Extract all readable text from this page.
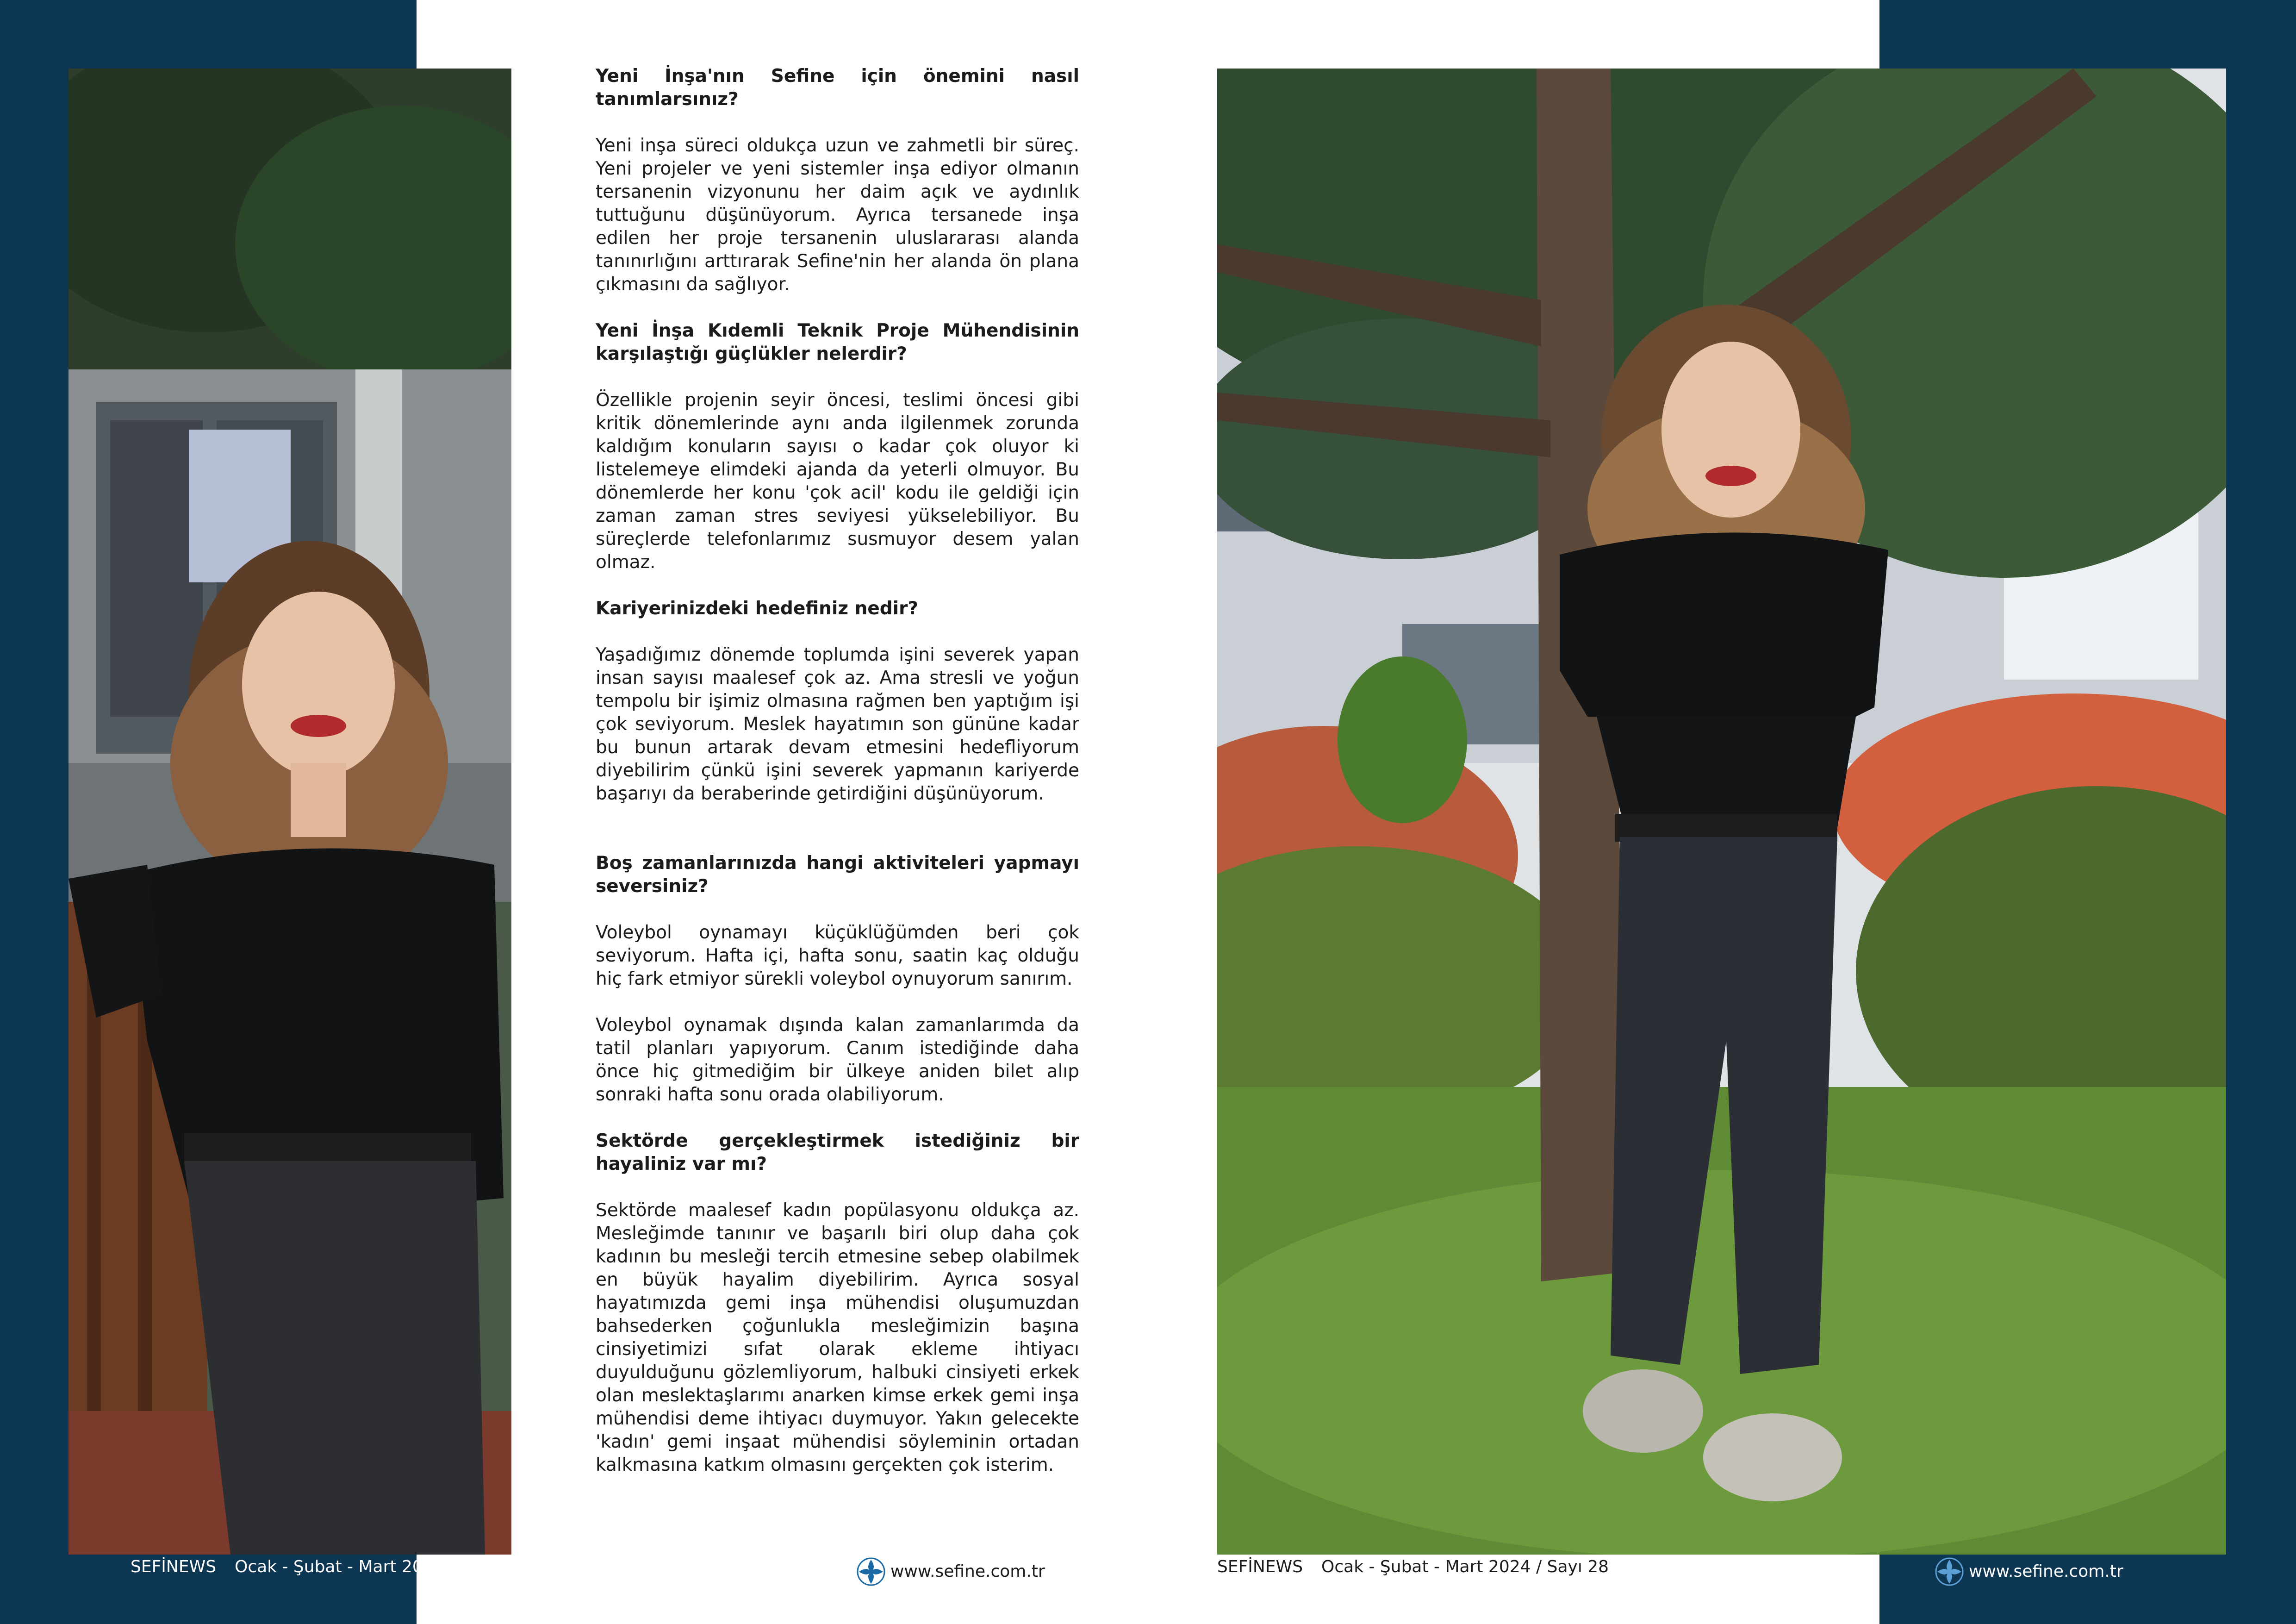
Yeni İnşa'nın Sefine için önemini nasıl tanımlarsınız?
Yeni inşa süreci oldukça uzun ve zahmetli bir süreç. Yeni projeler ve yeni sistemler inşa ediyor olmanın tersanenin vizyonunu her daim açık ve aydınlık tuttuğunu düşünüyorum. Ayrıca tersanede inşa edilen her proje tersanenin uluslararası alanda tanınırlığını arttırarak Sefine'nin her alanda ön plana çıkmasını da sağlıyor.
Yeni İnşa Kıdemli Teknik Proje Mühendisinin karşılaştığı güçlükler nelerdir?
Özellikle projenin seyir öncesi, teslimi öncesi gibi kritik dönemlerinde aynı anda ilgilenmek zorunda kaldığım konuların sayısı o kadar çok oluyor ki listelemeye elimdeki ajanda da yeterli olmuyor. Bu dönemlerde her konu 'çok acil' kodu ile geldiği için zaman zaman stres seviyesi yükselebiliyor. Bu süreçlerde telefonlarımız susmuyor desem yalan olmaz.
Kariyerinizdeki hedefiniz nedir?
Yaşadığımız dönemde toplumda işini severek yapan insan sayısı maalesef çok az. Ama stresli ve yoğun tempolu bir işimiz olmasına rağmen ben yaptığım işi çok seviyorum. Meslek hayatımın son gününe kadar bu bunun artarak devam etmesini hedefliyorum diyebilirim çünkü işini severek yapmanın kariyerde başarıyı da beraberinde getirdiğini düşünüyorum.
Boş zamanlarınızda hangi aktiviteleri yapmayı seversiniz?
Voleybol oynamayı küçüklüğümden beri çok seviyorum. Hafta içi, hafta sonu, saatin kaç olduğu hiç fark etmiyor sürekli voleybol oynuyorum sanırım.
Voleybol oynamak dışında kalan zamanlarımda da tatil planları yapıyorum. Canım istediğinde daha önce hiç gitmediğim bir ülkeye aniden bilet alıp sonraki hafta sonu orada olabiliyorum.
Sektörde gerçekleştirmek istediğiniz bir hayaliniz var mı?
Sektörde maalesef kadın popülasyonu oldukça az. Mesleğimde tanınır ve başarılı biri olup daha çok kadının bu mesleği tercih etmesine sebep olabilmek en büyük hayalim diyebilirim. Ayrıca sosyal hayatımızda gemi inşa mühendisi oluşumuzdan bahsederken çoğunlukla mesleğimizin başına cinsiyetimizi sıfat olarak ekleme ihtiyacı duyulduğunu gözlemliyorum, halbuki cinsiyeti erkek olan meslektaşlarımı anarken kimse erkek gemi inşa mühendisi deme ihtiyacı duymuyor. Yakın gelecekte 'kadın' gemi inşaat mühendisi söyleminin ortadan kalkmasına katkım olmasını gerçekten çok isterim.
69 SEFİNEWS Ocak - Şubat - Mart 2024 / Sayı 28	www.sefine.com.tr	SEFİNEWS Ocak - Şubat - Mart 2024 / Sayı 28	www.sefine.com.tr	70
